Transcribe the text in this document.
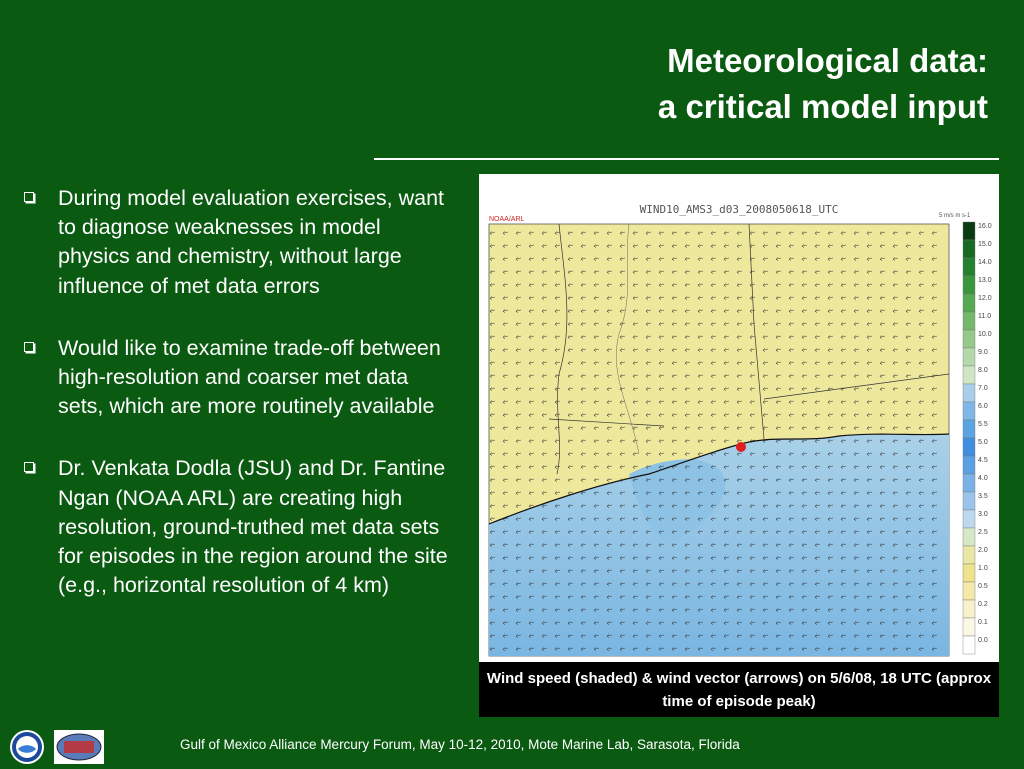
Meteorological data:
a critical model input
During model evaluation exercises, want to diagnose weaknesses in model physics and chemistry, without large influence of met data errors
Would like to examine trade-off between high-resolution and coarser met data sets, which are more routinely available
Dr. Venkata Dodla (JSU) and Dr. Fantine Ngan (NOAA ARL) are creating high resolution, ground-truthed met data sets for episodes in the region around the site (e.g., horizontal resolution of 4 km)
WIND10_AMS3_d03_2008050618_UTC
NOAA/ARL	5 m/s m s-1
16.0
15.0
14.0
13.0
12.0
11.0
10.0
9.0
8.0
7.0
6.0
5.5
5.0
4.5
4.0
3.5
3.0
2.5
2.0
1.0
0.5
0.2
0.1
0.0
Wind speed (shaded) & wind vector (arrows) on 5/6/08, 18 UTC (approx time of episode peak)
Gulf of Mexico Alliance Mercury Forum, May 10-12, 2010, Mote Marine Lab, Sarasota, Florida
